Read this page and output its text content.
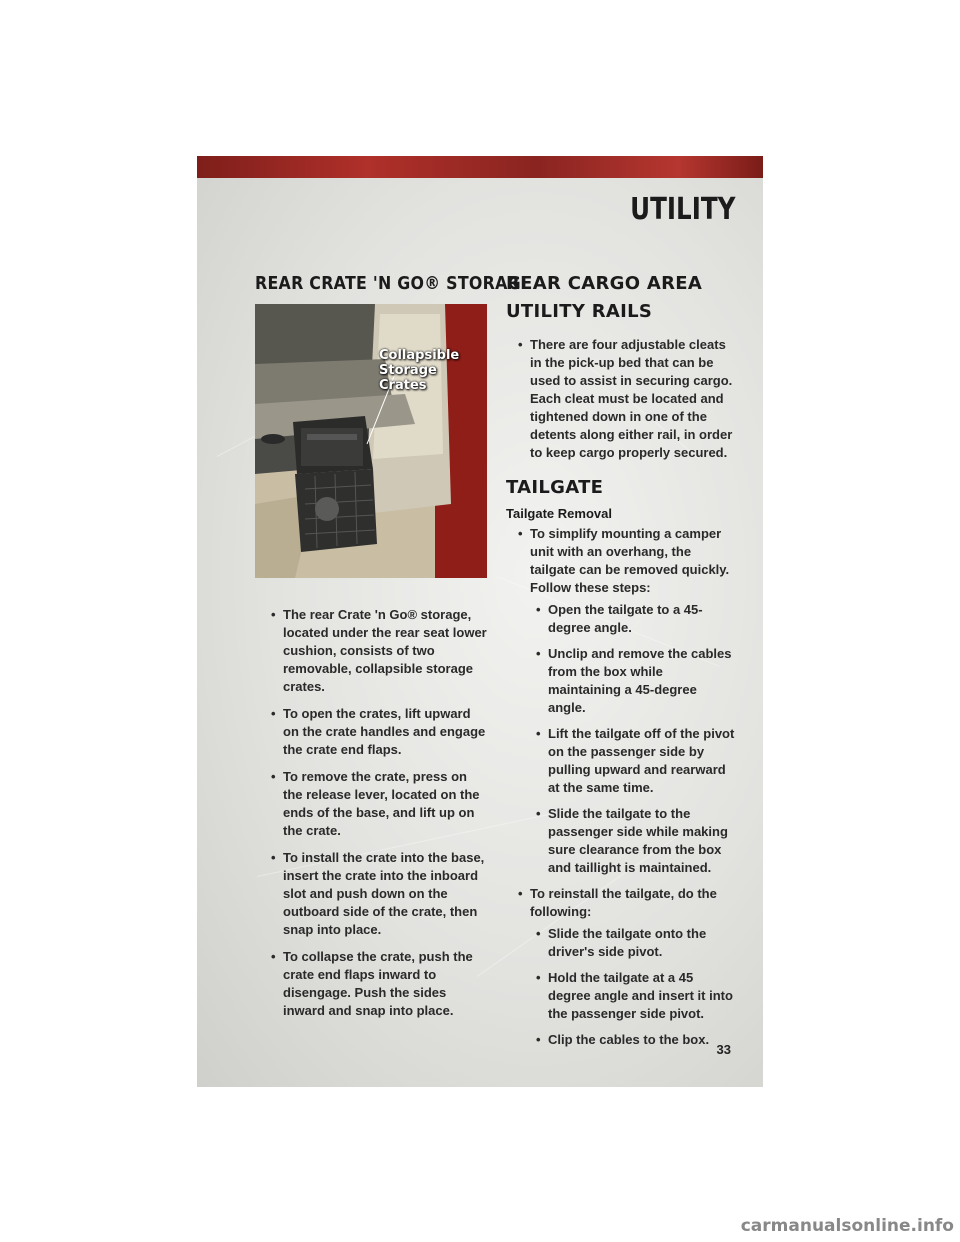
UTILITY
REAR CRATE 'N GO® STORAGE
Collapsible
Storage
Crates
• The rear Crate 'n Go® storage, located under the rear seat lower cushion, consists of two removable, collapsible storage crates.
• To open the crates, lift upward on the crate handles and engage the crate end flaps.
• To remove the crate, press on the release lever, located on the ends of the base, and lift up on the crate.
• To install the crate into the base, insert the crate into the inboard slot and push down on the outboard side of the crate, then snap into place.
• To collapse the crate, push the crate end flaps inward to disengage. Push the sides inward and snap into place.
REAR CARGO AREA UTILITY RAILS
• There are four adjustable cleats in the pick-up bed that can be used to assist in securing cargo. Each cleat must be located and tightened down in one of the detents along either rail, in order to keep cargo properly secured.
TAILGATE
Tailgate Removal
• To simplify mounting a camper unit with an overhang, the tailgate can be removed quickly. Follow these steps:
• Open the tailgate to a 45-degree angle.
• Unclip and remove the cables from the box while maintaining a 45-degree angle.
• Lift the tailgate off of the pivot on the passenger side by pulling upward and rearward at the same time.
• Slide the tailgate to the passenger side while making sure clearance from the box and taillight is maintained.
• To reinstall the tailgate, do the following:
• Slide the tailgate onto the driver's side pivot.
• Hold the tailgate at a 45 degree angle and insert it into the passenger side pivot.
• Clip the cables to the box.
33
carmanualsonline.info
